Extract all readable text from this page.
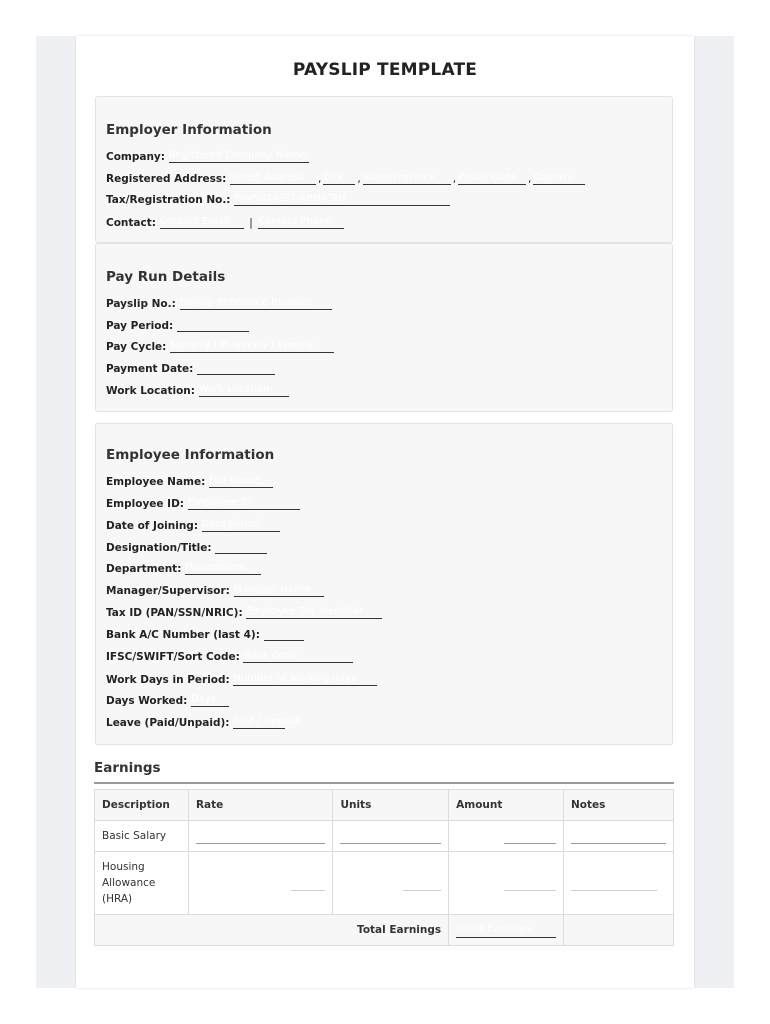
PAYSLIP TEMPLATE
Employer Information
Company: Registered Company Name
Registered Address: Street Address , City , State/Province , Postal Code , Country
Tax/Registration No.: EIN/VAT/GST/ABN/CRN
Contact: Contact Email | Contact Phone
Pay Run Details
Payslip No.: Payslip Reference Number
Pay Period:
Pay Cycle: Monthly / Bi-weekly / Weekly
Payment Date:
Work Location: Work Location
Employee Information
Employee Name: Full Name
Employee ID: Employee ID
Date of Joining: Date Joined
Designation/Title:
Department: Department
Manager/Supervisor: Manager Name
Tax ID (PAN/SSN/NRIC): Employee Tax Identifier
Bank A/C Number (last 4):
IFSC/SWIFT/Sort Code: Bank Code
Work Days in Period: Number of working days
Days Worked: Days
Leave (Paid/Unpaid): Paid / Unpaid
Earnings
Description	Rate	Units	Amount	Notes
Basic Salary	

Housing Allowance (HRA)	

Total Earnings			Gross Earnings	
